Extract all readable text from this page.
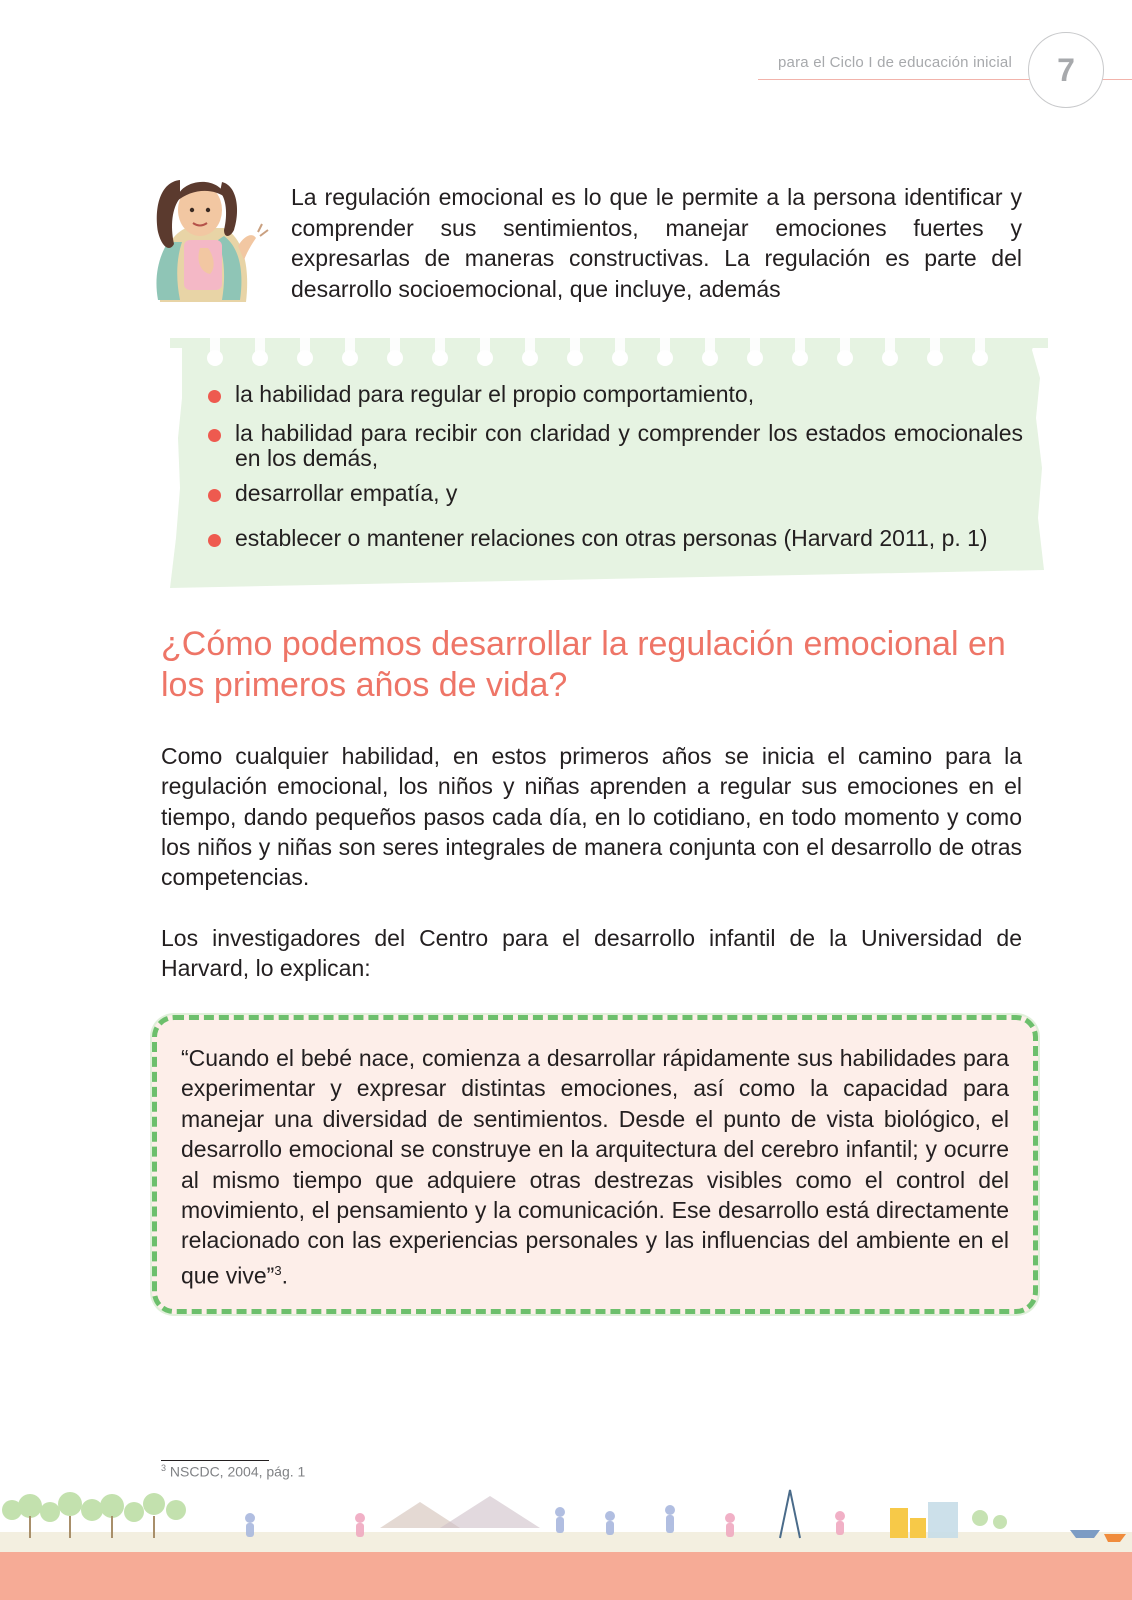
para el Ciclo I de educación inicial 7

La regulación emocional es lo que le permite a la persona identificar y comprender sus sentimientos, manejar emociones fuertes y expresarlas de maneras constructivas. La regulación es parte del desarrollo socioemocional, que incluye, además

la habilidad para regular el propio comportamiento,
la habilidad para recibir con claridad y comprender los estados emocionales en los demás,
desarrollar empatía, y
establecer o mantener relaciones con otras personas (Harvard 2011, p. 1)
¿Cómo podemos desarrollar la regulación emocional en los primeros años de vida?

Como cualquier habilidad, en estos primeros años se inicia el camino para la regulación emocional, los niños y niñas aprenden a regular sus emociones en el tiempo, dando pequeños pasos cada día, en lo cotidiano, en todo momento y como los niños y niñas son seres integrales de manera conjunta con el desarrollo de otras competencias.

Los investigadores del Centro para el desarrollo infantil de la Universidad de Harvard, lo explican:

“Cuando el bebé nace, comienza a desarrollar rápidamente sus habilidades para experimentar y expresar distintas emociones, así como la capacidad para manejar una diversidad de sentimientos. Desde el punto de vista biológico, el desarrollo emocional se construye en la arquitectura del cerebro infantil; y ocurre al mismo tiempo que adquiere otras destrezas visibles como el control del movimiento, el pensamiento y la comunicación. Ese desarrollo está directamente relacionado con las experiencias personales y las influencias del ambiente en el que vive”$^3$.

$^3$ NSCDC, 2004, pág. 1
